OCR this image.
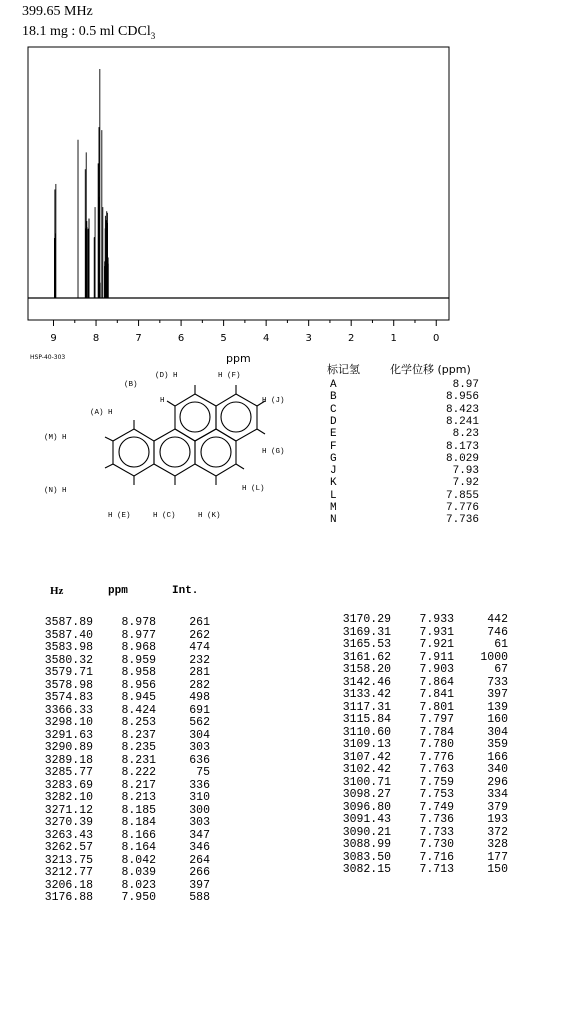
399.65 MHz
18.1 mg : 0.5 ml CDCl$_3$
9	8	7	6	5	4	3	2	1	0
HSP-40-303	ppm
(B)
(D) H	H (F)
(A) H
H	H (J)
(M) H
H (G)
(N) H	H (L)
H (E)	H (C)	H (K)
标记氢	化学位移 (ppm)
A	8.97
B	8.956
C	8.423
D	8.241
E	8.23
F	8.173
G	8.029
J	7.93
K	7.92
L	7.855
M	7.776
N	7.736
Hz	ppm	Int.
3587.89	8.978	261
3587.40	8.977	262
3583.98	8.968	474
3580.32	8.959	232
3579.71	8.958	281
3578.98	8.956	282
3574.83	8.945	498
3366.33	8.424	691
3298.10	8.253	562
3291.63	8.237	304
3290.89	8.235	303
3289.18	8.231	636
3285.77	8.222	75
3283.69	8.217	336
3282.10	8.213	310
3271.12	8.185	300
3270.39	8.184	303
3263.43	8.166	347
3262.57	8.164	346
3213.75	8.042	264
3212.77	8.039	266
3206.18	8.023	397
3176.88	7.950	588
3170.29	7.933	442
3169.31	7.931	746
3165.53	7.921	61
3161.62	7.911	1000
3158.20	7.903	67
3142.46	7.864	733
3133.42	7.841	397
3117.31	7.801	139
3115.84	7.797	160
3110.60	7.784	304
3109.13	7.780	359
3107.42	7.776	166
3102.42	7.763	340
3100.71	7.759	296
3098.27	7.753	334
3096.80	7.749	379
3091.43	7.736	193
3090.21	7.733	372
3088.99	7.730	328
3083.50	7.716	177
3082.15	7.713	150
